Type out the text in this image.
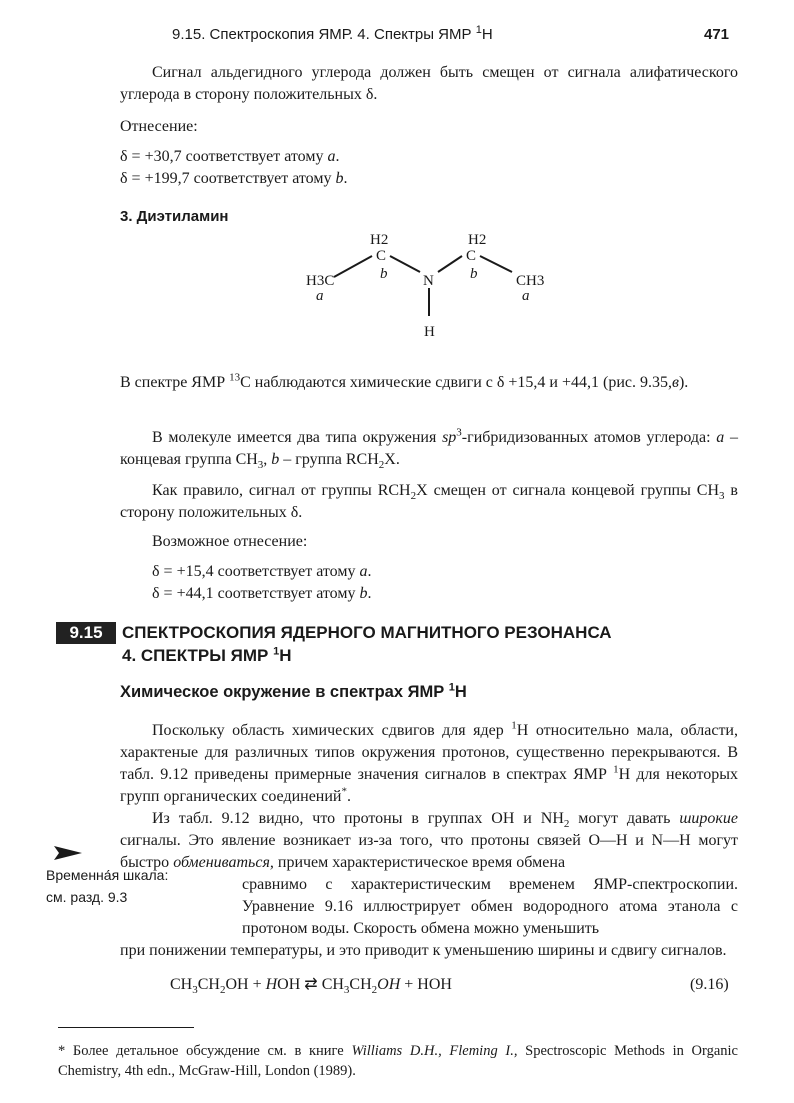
9.15. Спектроскопия ЯМР. 4. Спектры ЯМР $^1$Н	471
Сигнал альдегидного углерода должен быть смещен от сигнала алифатического углерода в сторону положительных δ.
Отнесение:
δ = +30,7 соответствует атому a.
δ = +199,7 соответствует атому b.
3. Диэтиламин
H2
C
b
H3C
a
N
H2
C
b	CH3
a
H
В спектре ЯМР $^{13}$С наблюдаются химические сдвиги с δ +15,4 и +44,1 (рис. 9.35,в).
В молекуле имеется два типа окружения $sp^3$-гибридизованных атомов углерода: a – концевая группа $CH_3$, b – группа $RCH_2X$.
Как правило, сигнал от группы $RCH_2X$ смещен от сигнала концевой группы $CH_3$ в сторону положительных δ.
Возможное отнесение:
δ = +15,4 соответствует атому a.
δ = +44,1 соответствует атому b.
9.15	СПЕКТРОСКОПИЯ ЯДЕРНОГО МАГНИТНОГО РЕЗОНАНСА
4. СПЕКТРЫ ЯМР $^1$Н
Химическое окружение в спектрах ЯМР $^1$Н
Поскольку область химических сдвигов для ядер $^1$Н относительно мала, области, характеные для различных типов окружения протонов, существенно перекрываются. В табл. 9.12 приведены примерные значения сигналов в спектрах ЯМР $^1$Н для некоторых групп органических соединений*.
Из табл. 9.12 видно, что протоны в группах OH и $NH_2$ могут давать широкие сигналы. Это явление возникает из-за того, что протоны связей O—H и N—H могут быстро обмениваться, причем характеристическое время обмена
сравнимо с характеристическим временем ЯМР-спектроскопии. Уравнение 9.16 иллюстрирует обмен водородного атома этанола с протоном воды. Скорость обмена можно уменьшить
при понижении температуры, и это приводит к уменьшению ширины и сдвигу сигналов.
Временна́я шкала:
см. разд. 9.3
$CH_3CH_2OH$ + HOH ⇄ $CH_3CH_2OH$ + HOH	(9.16)
* Более детальное обсуждение см. в книге Williams D.H., Fleming I., Spectroscopic Methods in Organic Chemistry, 4th edn., McGraw-Hill, London (1989).
